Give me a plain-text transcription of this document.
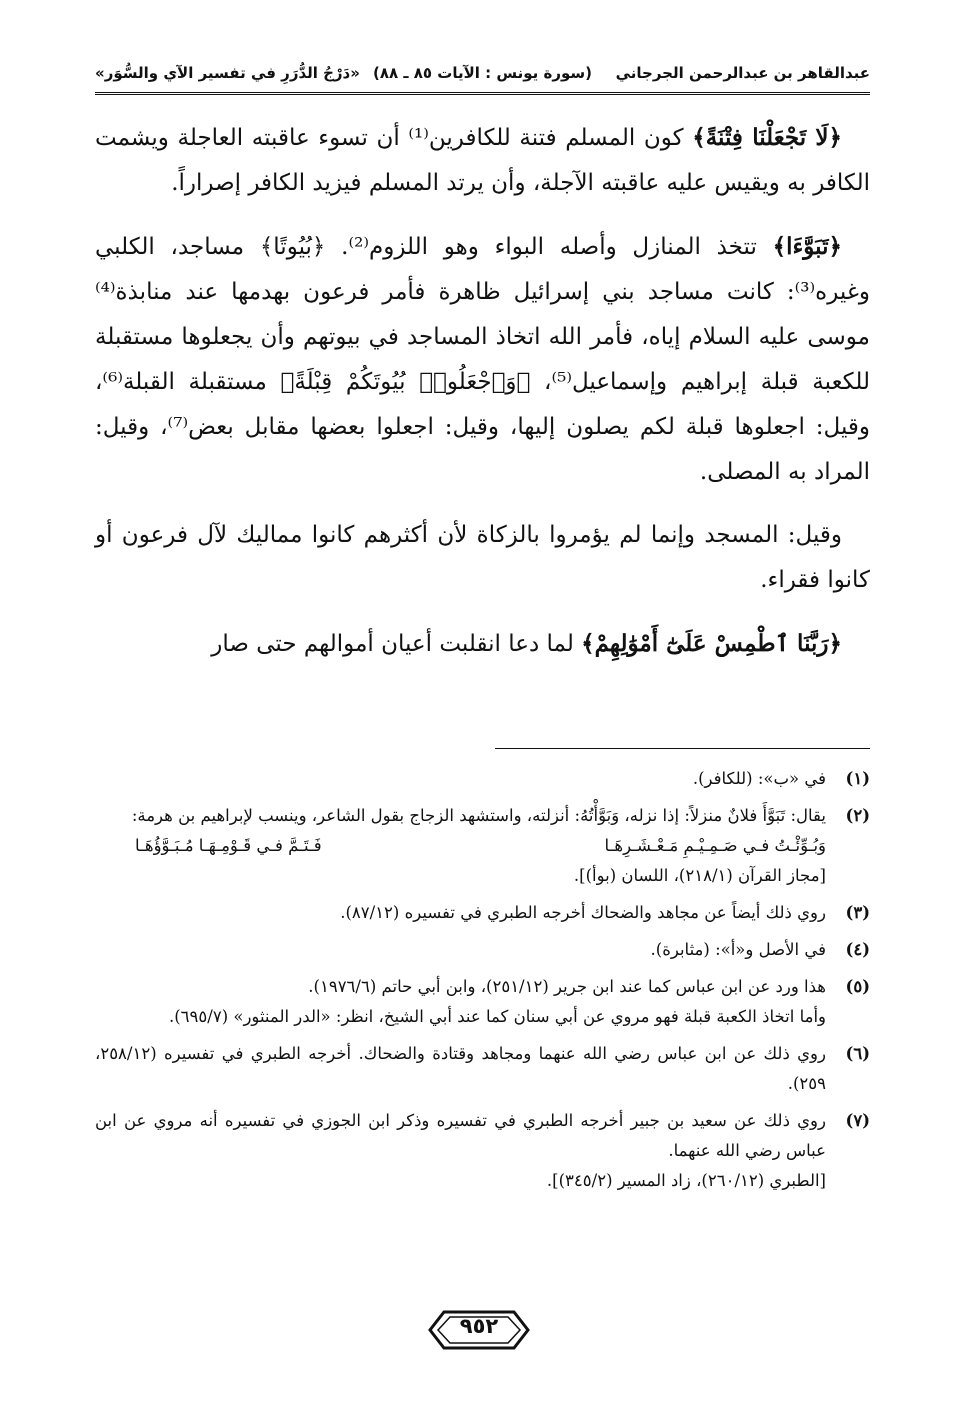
عبدالقاهر بن عبدالرحمن الجرجاني
(سورة يونس : الآيات ٨٥ ـ ٨٨)
«دَرْجُ الدُّرَرِ في تفسير الآي والسُّوَر»

﴿لَا تَجْعَلْنَا فِتْنَةً﴾ كون المسلم فتنة للكافرين⁽¹⁾ أن تسوء عاقبته العاجلة ويشمت الكافر به ويقيس عليه عاقبته الآجلة، وأن يرتد المسلم فيزيد الكافر إصراراً.

﴿تَبَوَّءَا﴾ تتخذ المنازل وأصله البواء وهو اللزوم⁽²⁾. ﴿بُيُوتًا﴾ مساجد، الكلبي وغيره⁽³⁾: كانت مساجد بني إسرائيل ظاهرة فأمر فرعون بهدمها عند منابذة⁽⁴⁾ موسى عليه السلام إياه، فأمر الله اتخاذ المساجد في بيوتهم وأن يجعلوها مستقبلة للكعبة قبلة إبراهيم وإسماعيل⁽⁵⁾، ﴿وَٱجْعَلُوا۟ بُيُوتَكُمْ قِبْلَةً﴾ مستقبلة القبلة⁽⁶⁾، وقيل: اجعلوها قبلة لكم يصلون إليها، وقيل: اجعلوا بعضها مقابل بعض⁽⁷⁾، وقيل: المراد به المصلى.

وقيل: المسجد وإنما لم يؤمروا بالزكاة لأن أكثرهم كانوا مماليك لآل فرعون أو كانوا فقراء.

﴿رَبَّنَا ٱطْمِسْ عَلَىٰٓ أَمْوَٰلِهِمْ﴾ لما دعا انقلبت أعيان أموالهم حتى صار

(١)
في «ب»: (للكافر).
(٢)
يقال: تَبَوَّأَ فلانٌ منزلاً: إذا نزله، وَبَوَّأْتُهُ: أنزلته، واستشهد الزجاج بقول الشاعر، وينسب لإبراهيم بن هرمة:
وَبُـوِّئْـتُ فـي صَـمِـيْـمِ مَـعْـشَـرِهَـا
فَـتَـمَّ فـي قَـوْمِـهَـا مُـبَـوَّؤُهَـا
[مجاز القرآن (٢١٨/١)، اللسان (بوأ)].
(٣)
روي ذلك أيضاً عن مجاهد والضحاك أخرجه الطبري في تفسيره (٨٧/١٢).
(٤)
في الأصل و«أ»: (مثابرة).
(٥)
هذا ورد عن ابن عباس كما عند ابن جرير (٢٥١/١٢)، وابن أبي حاتم (١٩٧٦/٦).
وأما اتخاذ الكعبة قبلة فهو مروي عن أبي سنان كما عند أبي الشيخ، انظر: «الدر المنثور» (٦٩٥/٧).
(٦)
روي ذلك عن ابن عباس رضي الله عنهما ومجاهد وقتادة والضحاك. أخرجه الطبري في تفسيره (٢٥٨/١٢، ٢٥٩).
(٧)
روي ذلك عن سعيد بن جبير أخرجه الطبري في تفسيره وذكر ابن الجوزي في تفسيره أنه مروي عن ابن عباس رضي الله عنهما.
[الطبري (٢٦٠/١٢)، زاد المسير (٣٤٥/٢)].
٩٥٢
